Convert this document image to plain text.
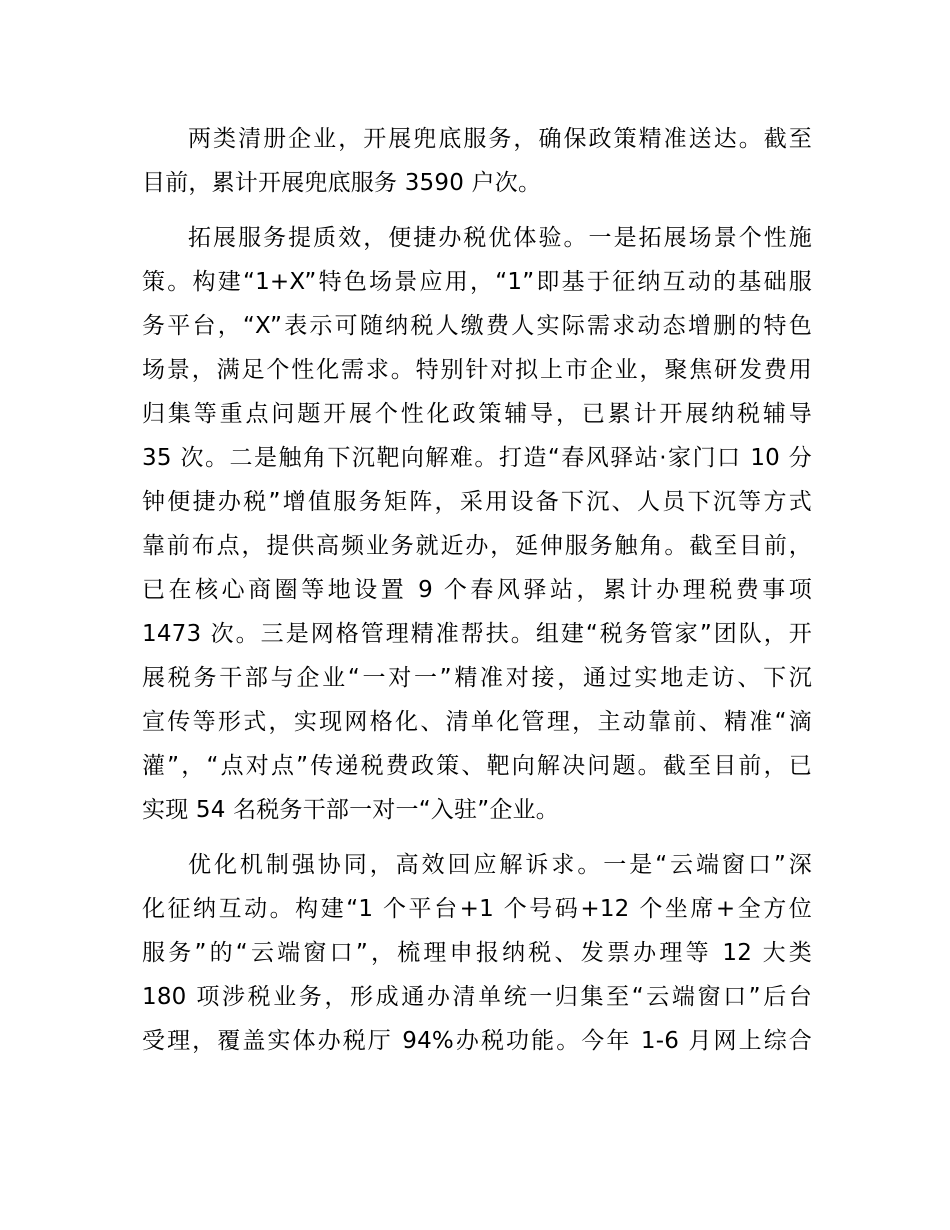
两类清册企业，开展兜底服务，确保政策精准送达。截至
目前，累计开展兜底服务 3590 户次。
拓展服务提质效，便捷办税优体验。一是拓展场景个性施
策。构建“1+X”特色场景应用，“1”即基于征纳互动的基础服
务平台，“X”表示可随纳税人缴费人实际需求动态增删的特色
场景，满足个性化需求。特别针对拟上市企业，聚焦研发费用
归集等重点问题开展个性化政策辅导，已累计开展纳税辅导
35 次。二是触角下沉靶向解难。打造“春风驿站·家门口 10 分
钟便捷办税”增值服务矩阵，采用设备下沉、人员下沉等方式
靠前布点，提供高频业务就近办，延伸服务触角。截至目前，
已在核心商圈等地设置 9 个春风驿站，累计办理税费事项
1473 次。三是网格管理精准帮扶。组建“税务管家”团队，开
展税务干部与企业“一对一”精准对接，通过实地走访、下沉
宣传等形式，实现网格化、清单化管理，主动靠前、精准“滴
灌”，“点对点”传递税费政策、靶向解决问题。截至目前，已
实现 54 名税务干部一对一“入驻”企业。
优化机制强协同，高效回应解诉求。一是“云端窗口”深
化征纳互动。构建“1 个平台+1 个号码+12 个坐席+全方位
服务”的“云端窗口”，梳理申报纳税、发票办理等 12 大类
180 项涉税业务，形成通办清单统一归集至“云端窗口”后台
受理，覆盖实体办税厅 94%办税功能。今年 1-6 月网上综合
